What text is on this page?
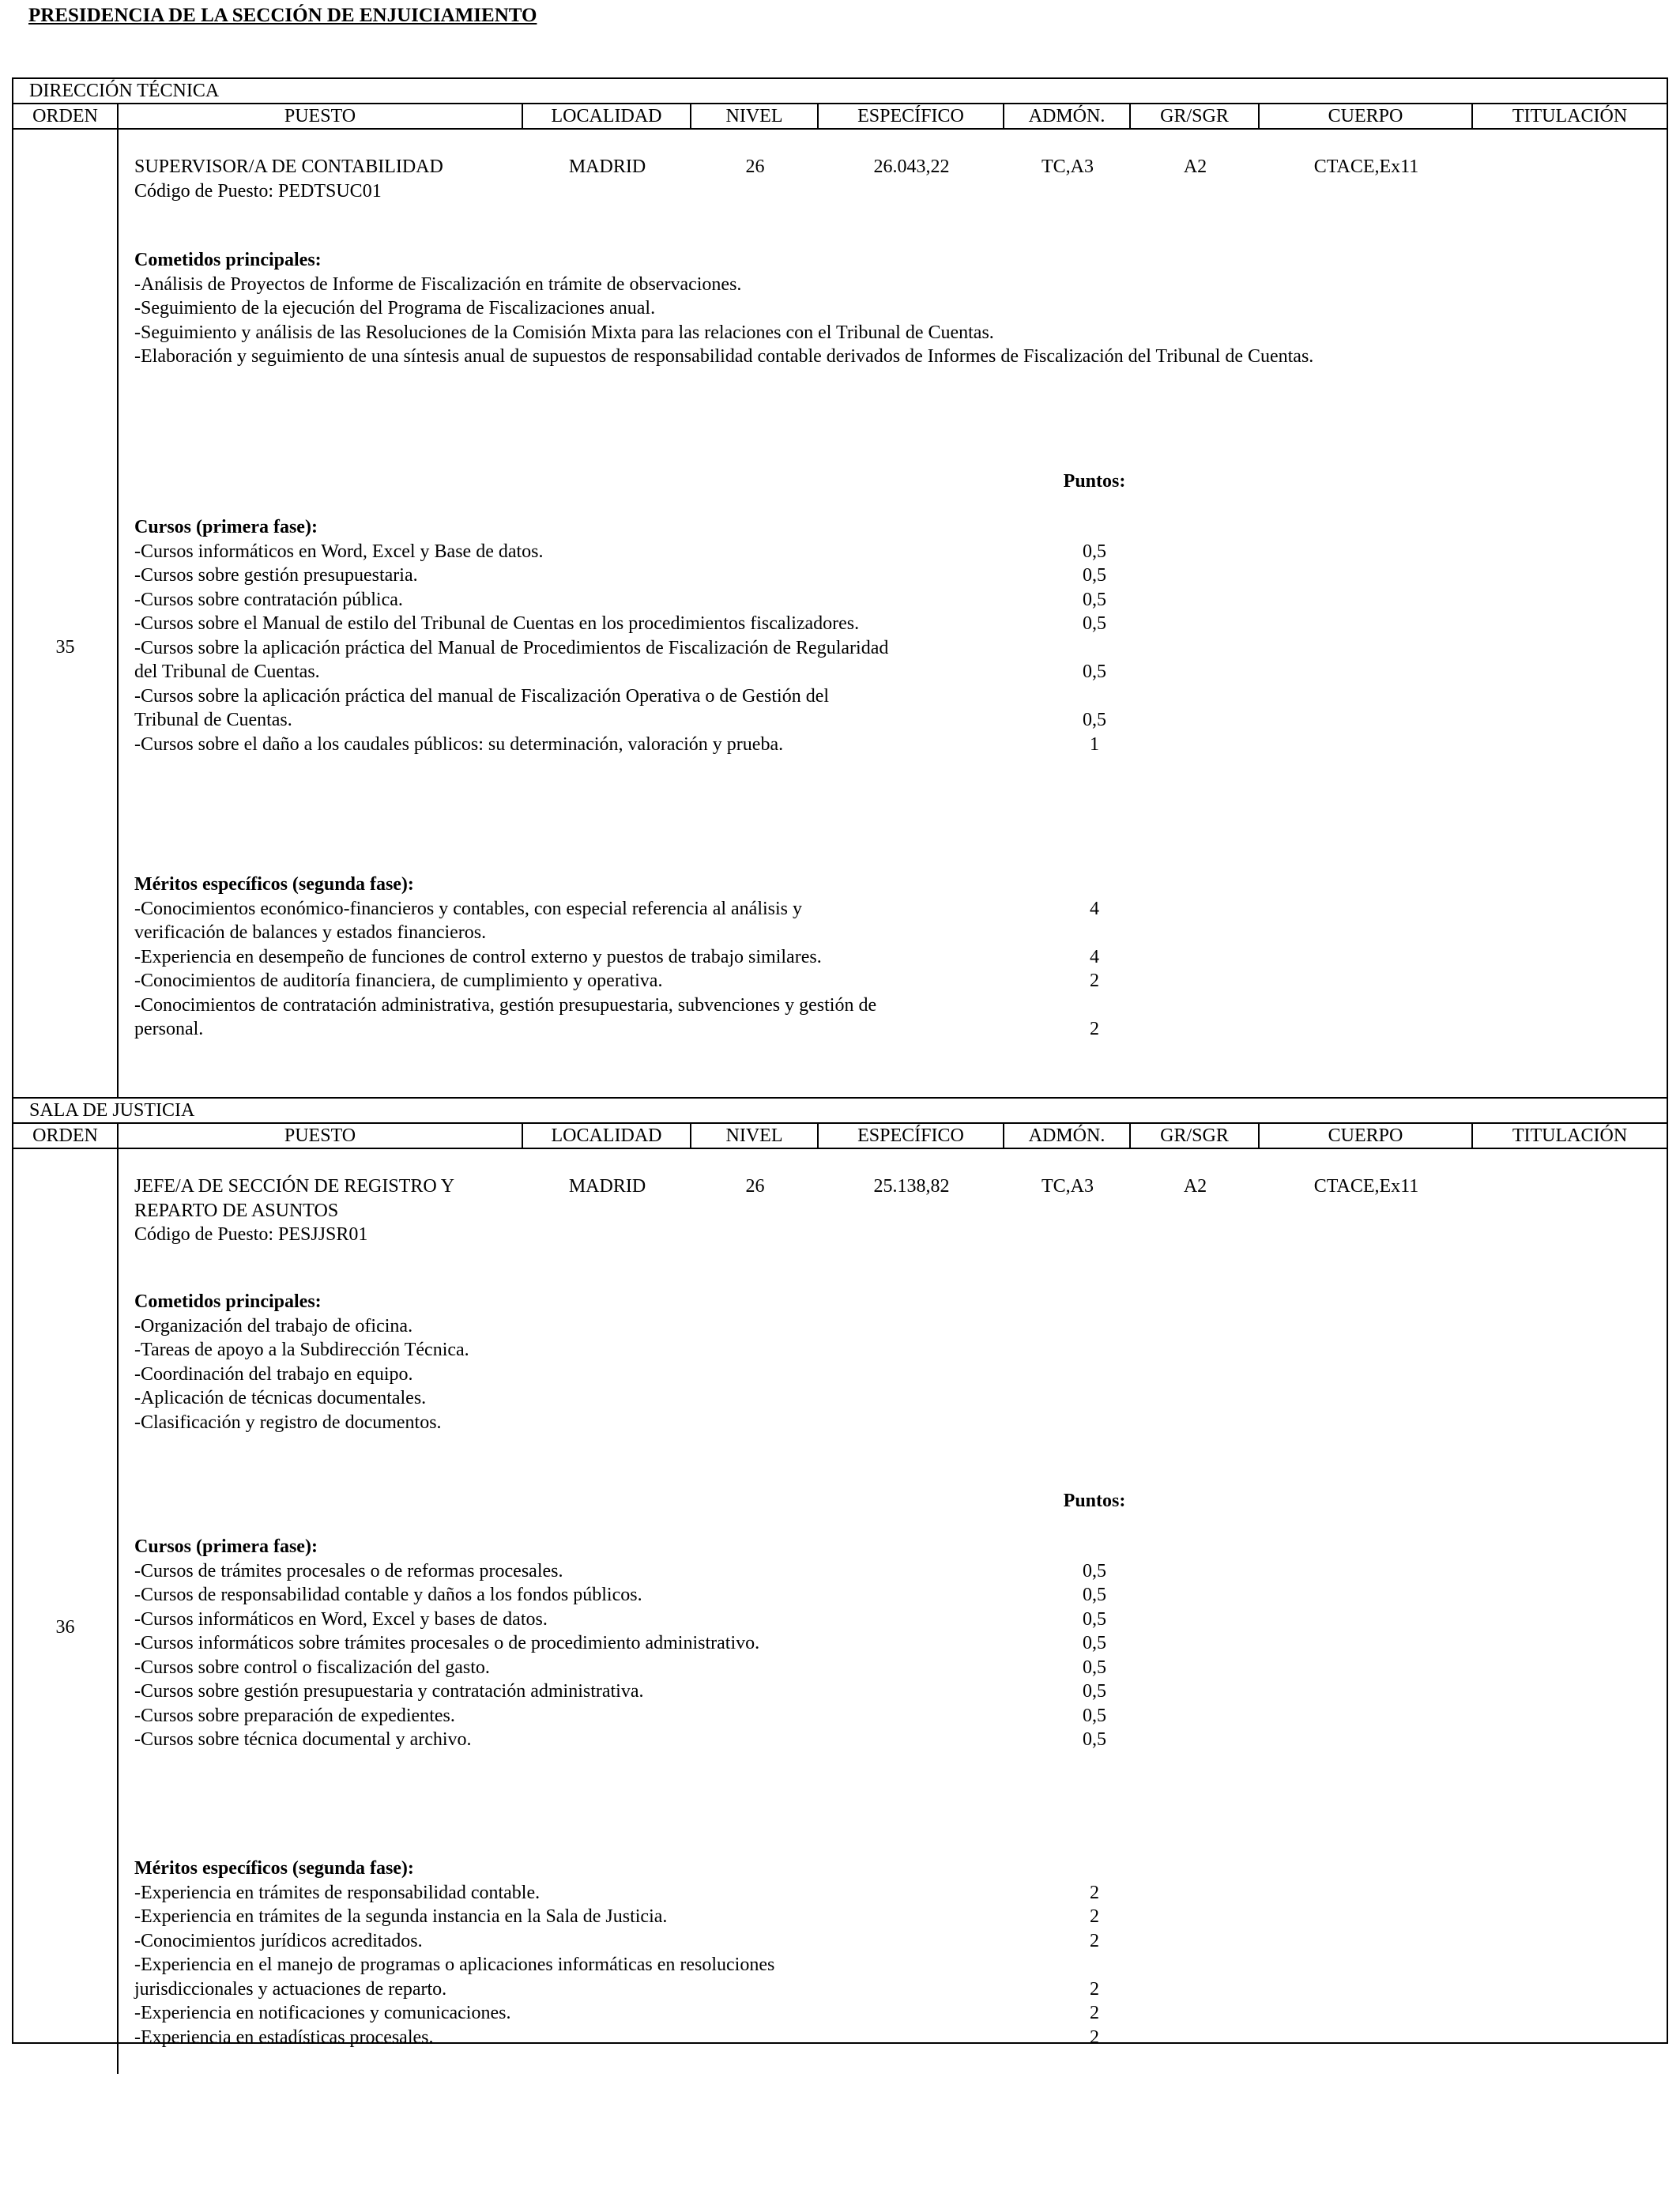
PRESIDENCIA DE LA SECCIÓN DE ENJUICIAMIENTO
DIRECCIÓN TÉCNICA
ORDEN	PUESTO	LOCALIDAD	NIVEL	ESPECÍFICO	ADMÓN.	GR/SGR	CUERPO	TITULACIÓN
35
SUPERVISOR/A DE CONTABILIDAD
Código de Puesto: PEDTSUC01
MADRID	26	26.043,22	TC,A3	A2	CTACE,Ex11
Cometidos principales:
-Análisis de Proyectos de Informe de Fiscalización en trámite de observaciones.
-Seguimiento de la ejecución del Programa de Fiscalizaciones anual.
-Seguimiento y análisis de las Resoluciones de la Comisión Mixta para las relaciones con el Tribunal de Cuentas.
-Elaboración y seguimiento de una síntesis anual de supuestos de responsabilidad contable derivados de Informes de Fiscalización del Tribunal de Cuentas.
Puntos:
Cursos (primera fase):
-Cursos informáticos en Word, Excel y Base de datos.	0,5
-Cursos sobre gestión presupuestaria.	0,5
-Cursos sobre contratación pública.	0,5
-Cursos sobre el Manual de estilo del Tribunal de Cuentas en los procedimientos fiscalizadores.	0,5
-Cursos sobre la aplicación práctica del Manual de Procedimientos de Fiscalización de Regularidad
del Tribunal de Cuentas.	0,5
-Cursos sobre la aplicación práctica del manual de Fiscalización Operativa o de Gestión del
Tribunal de Cuentas.	0,5
-Cursos sobre el daño a los caudales públicos: su determinación, valoración y prueba.	1
Méritos específicos (segunda fase):
-Conocimientos económico-financieros y contables, con especial referencia al análisis y	4
verificación de balances y estados financieros.
-Experiencia en desempeño de funciones de control externo y puestos de trabajo similares.	4
-Conocimientos de auditoría financiera, de cumplimiento y operativa.	2
-Conocimientos de contratación administrativa, gestión presupuestaria, subvenciones y gestión de
personal.	2
SALA DE JUSTICIA
ORDEN	PUESTO	LOCALIDAD	NIVEL	ESPECÍFICO	ADMÓN.	GR/SGR	CUERPO	TITULACIÓN
36
JEFE/A DE SECCIÓN DE REGISTRO Y
REPARTO DE ASUNTOS
Código de Puesto: PESJJSR01
MADRID	26	25.138,82	TC,A3	A2	CTACE,Ex11
Cometidos principales:
-Organización del trabajo de oficina.
-Tareas de apoyo a la Subdirección Técnica.
-Coordinación del trabajo en equipo.
-Aplicación de técnicas documentales.
-Clasificación y registro de documentos.
Puntos:
Cursos (primera fase):
-Cursos de trámites procesales o de reformas procesales.	0,5
-Cursos de responsabilidad contable y daños a los fondos públicos.	0,5
-Cursos informáticos en Word, Excel y bases de datos.	0,5
-Cursos informáticos sobre trámites procesales o de procedimiento administrativo.	0,5
-Cursos sobre control o fiscalización del gasto.	0,5
-Cursos sobre gestión presupuestaria y contratación administrativa.	0,5
-Cursos sobre preparación de expedientes.	0,5
-Cursos sobre técnica documental y archivo.	0,5
Méritos específicos (segunda fase):
-Experiencia en trámites de responsabilidad contable.	2
-Experiencia en trámites de la segunda instancia en la Sala de Justicia.	2
-Conocimientos jurídicos acreditados.	2
-Experiencia en el manejo de programas o aplicaciones informáticas en resoluciones
jurisdiccionales y actuaciones de reparto.	2
-Experiencia en notificaciones y comunicaciones.	2
-Experiencia en estadísticas procesales.	2
